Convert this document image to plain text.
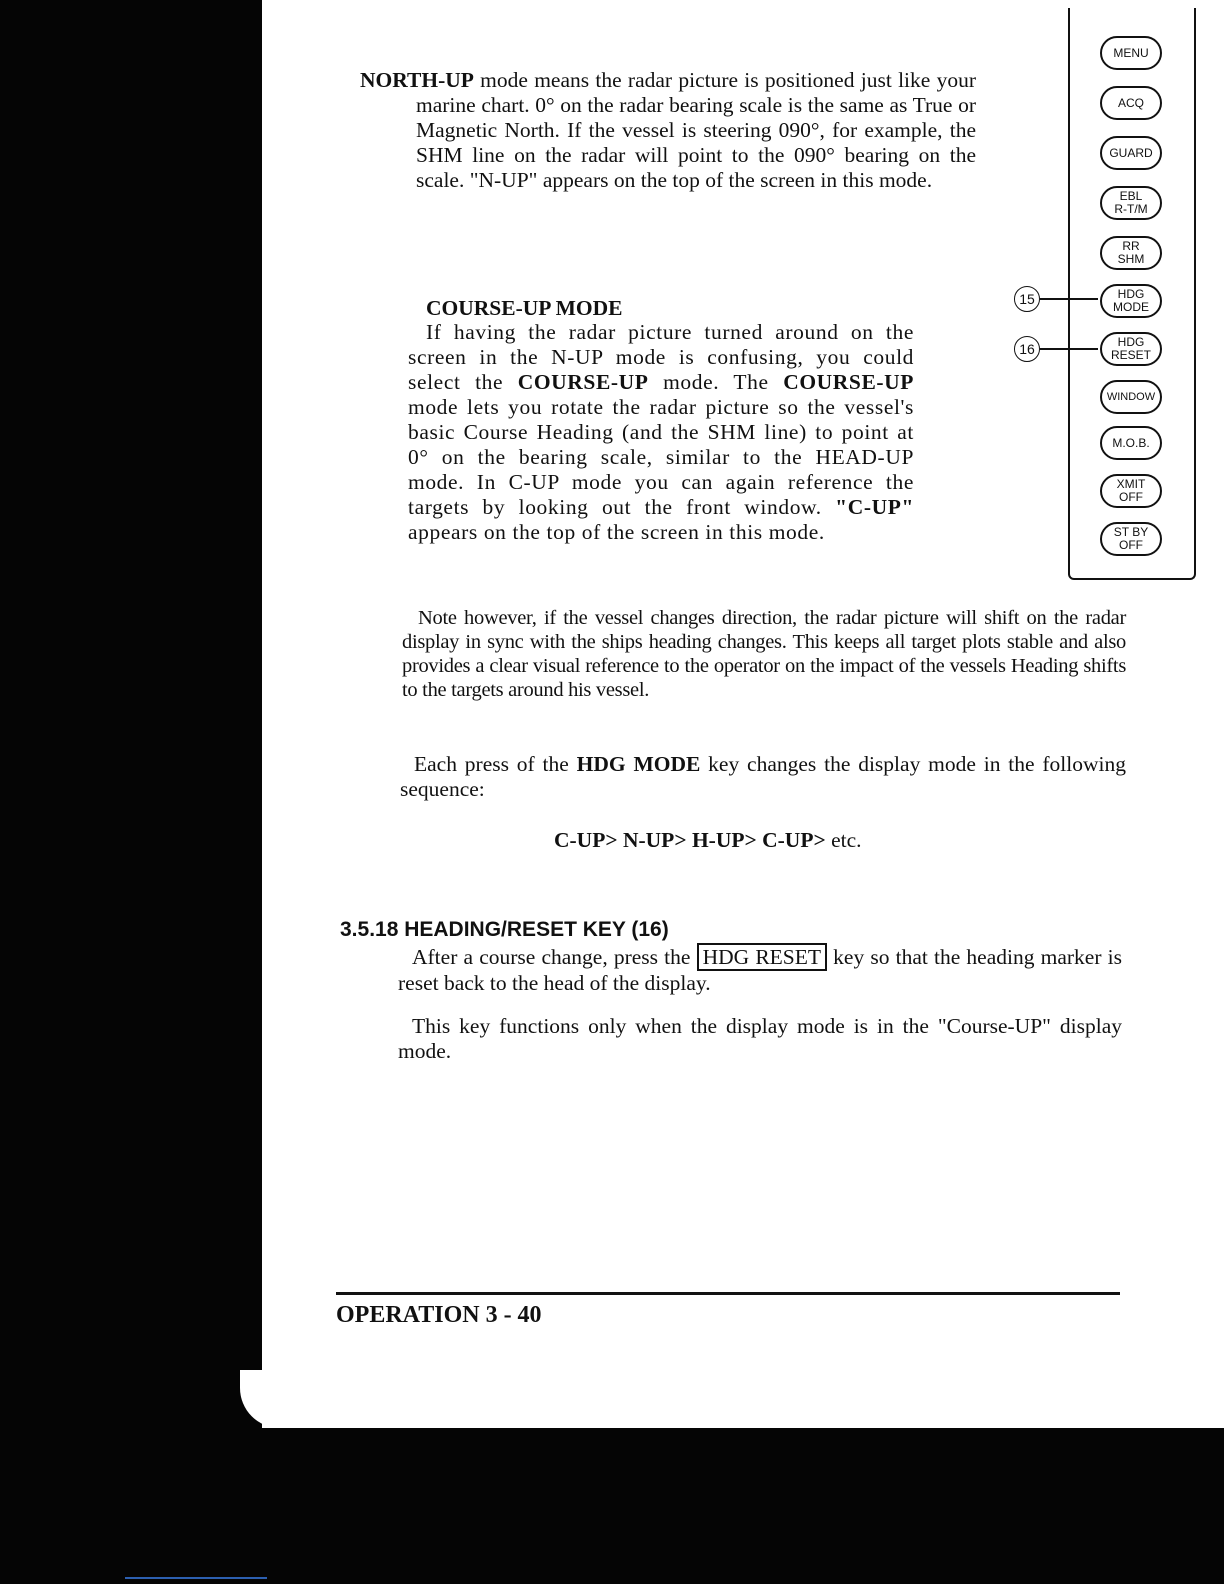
NORTH-UP mode means the radar picture is positioned just like your marine chart. 0° on the radar bearing scale is the same as True or Magnetic North. If the vessel is steering 090°, for example, the SHM line on the radar will point to the 090° bearing on the scale. "N-UP" appears on the top of the screen in this mode.
COURSE-UP MODE
If having the radar picture turned around on the screen in the N-UP mode is confusing, you could select the COURSE-UP mode. The COURSE-UP mode lets you rotate the radar picture so the vessel's basic Course Heading (and the SHM line) to point at 0° on the bearing scale, similar to the HEAD-UP mode. In C-UP mode you can again reference the targets by looking out the front window. "C-UP" appears on the top of the screen in this mode.
MENU
ACQ
GUARD
EBL
R-T/M
RR
SHM
HDG
MODE
HDG
RESET
WINDOW
M.O.B.
XMIT
OFF
ST BY
OFF
15
16
Note however, if the vessel changes direction, the radar picture will shift on the radar display in sync with the ships heading changes. This keeps all target plots stable and also provides a clear visual reference to the operator on the impact of the vessels Heading shifts to the targets around his vessel.
Each press of the HDG MODE key changes the display mode in the following sequence:
C-UP> N-UP> H-UP> C-UP> etc.
3.5.18 HEADING/RESET KEY (16)
After a course change, press the HDG RESET key so that the heading marker is reset back to the head of the display.
This key functions only when the display mode is in the "Course-UP" display mode.
OPERATION 3 - 40
